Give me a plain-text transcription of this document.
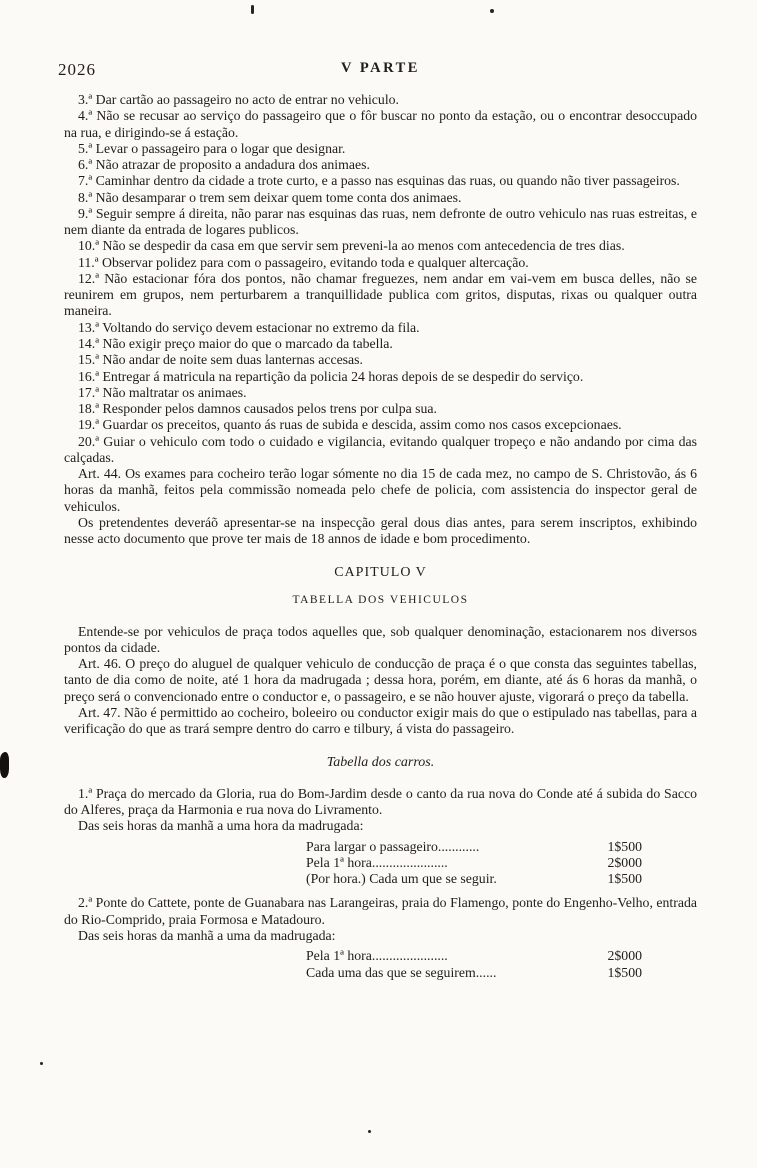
2026	V PARTE

3.ª Dar cartão ao passageiro no acto de entrar no vehiculo.

4.ª Não se recusar ao serviço do passageiro que o fôr buscar no ponto da estação, ou o encontrar desoccupado na rua, e dirigindo-se á estação.

5.ª Levar o passageiro para o logar que designar.

6.ª Não atrazar de proposito a andadura dos animaes.

7.ª Caminhar dentro da cidade a trote curto, e a passo nas esquinas das ruas, ou quando não tiver passageiros.

8.ª Não desamparar o trem sem deixar quem tome conta dos animaes.

9.ª Seguir sempre á direita, não parar nas esquinas das ruas, nem defronte de outro vehiculo nas ruas estreitas, e nem diante da entrada de logares publicos.

10.ª Não se despedir da casa em que servir sem preveni-la ao menos com antecedencia de tres dias.

11.ª Observar polidez para com o passageiro, evitando toda e qualquer altercação.

12.ª Não estacionar fóra dos pontos, não chamar freguezes, nem andar em vai-vem em busca delles, não se reunirem em grupos, nem perturbarem a tranquillidade publica com gritos, disputas, rixas ou qualquer outra maneira.

13.ª Voltando do serviço devem estacionar no extremo da fila.

14.ª Não exigir preço maior do que o marcado da tabella.

15.ª Não andar de noite sem duas lanternas accesas.

16.ª Entregar á matricula na repartição da policia 24 horas depois de se despedir do serviço.

17.ª Não maltratar os animaes.

18.ª Responder pelos damnos causados pelos trens por culpa sua.

19.ª Guardar os preceitos, quanto ás ruas de subida e descida, assim como nos casos excepcionaes.

20.ª Guiar o vehiculo com todo o cuidado e vigilancia, evitando qualquer tropeço e não andando por cima das calçadas.

Art. 44. Os exames para cocheiro terão logar sómente no dia 15 de cada mez, no campo de S. Christovão, ás 6 horas da manhã, feitos pela commissão nomeada pelo chefe de policia, com assistencia do inspector geral de vehiculos.

Os pretendentes deveráõ apresentar-se na inspecção geral dous dias antes, para serem inscriptos, exhibindo nesse acto documento que prove ter mais de 18 annos de idade e bom procedimento.

CAPITULO V
TABELLA DOS VEHICULOS

Entende-se por vehiculos de praça todos aquelles que, sob qualquer denominação, estacionarem nos diversos pontos da cidade.

Art. 46. O preço do aluguel de qualquer vehiculo de conducção de praça é o que consta das seguintes tabellas, tanto de dia como de noite, até 1 hora da madrugada ; dessa hora, porém, em diante, até ás 6 horas da manhã, o preço será o convencionado entre o conductor e, o passageiro, e se não houver ajuste, vigorará o preço da tabella.

Art. 47. Não é permittido ao cocheiro, boleeiro ou conductor exigir mais do que o estipulado nas tabellas, para a verificação do que as trará sempre dentro do carro e tilbury, á vista do passageiro.

Tabella dos carros.

1.ª Praça do mercado da Gloria, rua do Bom-Jardim desde o canto da rua nova do Conde até á subida do Sacco do Alferes, praça da Harmonia e rua nova do Livramento.

Das seis horas da manhã a uma hora da madrugada:

Para largar o passageiro............	1$500
Pela 1ª hora......................	2$000
(Por hora.) Cada um que se seguir.	1$500

2.ª Ponte do Cattete, ponte de Guanabara nas Larangeiras, praia do Flamengo, ponte do Engenho-Velho, entrada do Rio-Comprido, praia Formosa e Matadouro.

Das seis horas da manhã a uma da madrugada:

Pela 1ª hora......................	2$000
Cada uma das que se seguirem......	1$500
